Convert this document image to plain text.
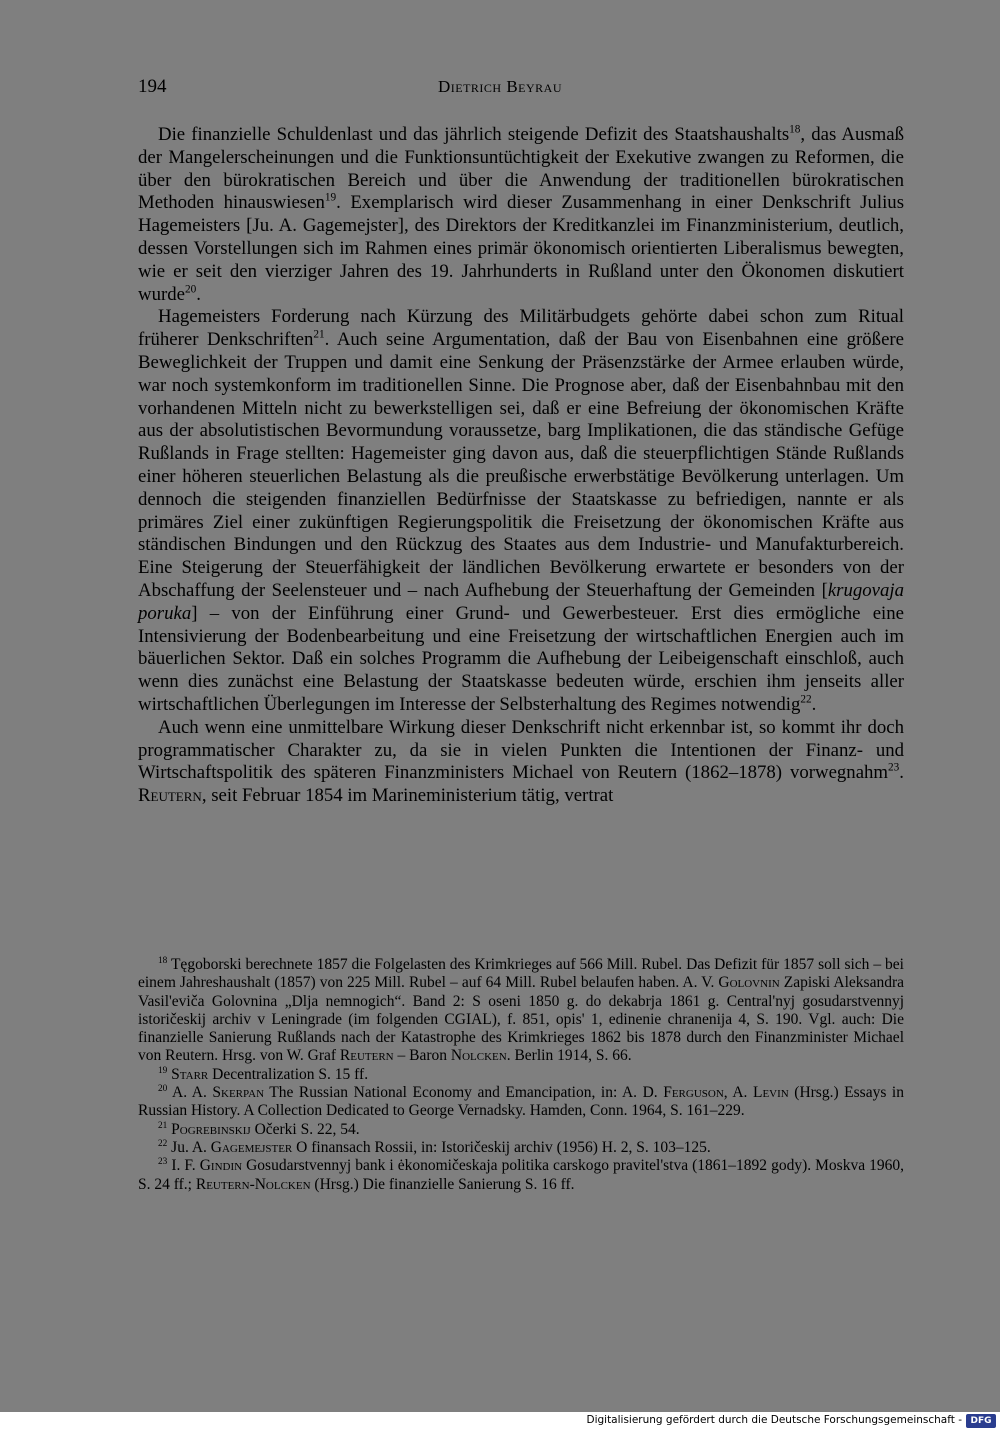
194	Dietrich Beyrau

Die finanzielle Schuldenlast und das jährlich steigende Defizit des Staatshaushalts$^{18}$, das Ausmaß der Mangelerscheinungen und die Funktionsuntüchtigkeit der Exekutive zwangen zu Reformen, die über den bürokratischen Bereich und über die Anwendung der traditionellen bürokratischen Methoden hinauswiesen$^{19}$. Exemplarisch wird dieser Zusammenhang in einer Denkschrift Julius Hagemeisters [Ju. A. Gagemejster], des Direktors der Kreditkanzlei im Finanzministerium, deutlich, dessen Vorstellungen sich im Rahmen eines primär ökonomisch orientierten Liberalismus bewegten, wie er seit den vierziger Jahren des 19. Jahrhunderts in Rußland unter den Ökonomen diskutiert wurde$^{20}$.

Hagemeisters Forderung nach Kürzung des Militärbudgets gehörte dabei schon zum Ritual früherer Denkschriften$^{21}$. Auch seine Argumentation, daß der Bau von Eisenbahnen eine größere Beweglichkeit der Truppen und damit eine Senkung der Präsenzstärke der Armee erlauben würde, war noch systemkonform im traditionellen Sinne. Die Prognose aber, daß der Eisenbahnbau mit den vorhandenen Mitteln nicht zu bewerkstelligen sei, daß er eine Befreiung der ökonomischen Kräfte aus der absolutistischen Bevormundung voraussetze, barg Implikationen, die das ständische Gefüge Rußlands in Frage stellten: Hagemeister ging davon aus, daß die steuerpflichtigen Stände Rußlands einer höheren steuerlichen Belastung als die preußische erwerbstätige Bevölkerung unterlagen. Um dennoch die steigenden finanziellen Bedürfnisse der Staatskasse zu befriedigen, nannte er als primäres Ziel einer zukünftigen Regierungspolitik die Freisetzung der ökonomischen Kräfte aus ständischen Bindungen und den Rückzug des Staates aus dem Industrie- und Manufakturbereich. Eine Steigerung der Steuerfähigkeit der ländlichen Bevölkerung erwartete er besonders von der Abschaffung der Seelensteuer und – nach Aufhebung der Steuerhaftung der Gemeinden [krugovaja poruka] – von der Einführung einer Grund- und Gewerbesteuer. Erst dies ermögliche eine Intensivierung der Bodenbearbeitung und eine Freisetzung der wirtschaftlichen Energien auch im bäuerlichen Sektor. Daß ein solches Programm die Aufhebung der Leibeigenschaft einschloß, auch wenn dies zunächst eine Belastung der Staatskasse bedeuten würde, erschien ihm jenseits aller wirtschaftlichen Überlegungen im Interesse der Selbsterhaltung des Regimes notwendig$^{22}$.

Auch wenn eine unmittelbare Wirkung dieser Denkschrift nicht erkennbar ist, so kommt ihr doch programmatischer Charakter zu, da sie in vielen Punkten die Intentionen der Finanz- und Wirtschaftspolitik des späteren Finanzministers Michael von Reutern (1862–1878) vorwegnahm$^{23}$. Reutern, seit Februar 1854 im Marineministerium tätig, vertrat

$^{18}$ Tęgoborski berechnete 1857 die Folgelasten des Krimkrieges auf 566 Mill. Rubel. Das Defizit für 1857 soll sich – bei einem Jahreshaushalt (1857) von 225 Mill. Rubel – auf 64 Mill. Rubel belaufen haben. A. V. Golovnin Zapiski Aleksandra Vasil'eviča Golovnina „Dlja nemnogich“. Band 2: S oseni 1850 g. do dekabrja 1861 g. Central'nyj gosudarstvennyj istoričeskij archiv v Leningrade (im folgenden CGIAL), f. 851, opis' 1, edinenie chranenija 4, S. 190. Vgl. auch: Die finanzielle Sanierung Rußlands nach der Katastrophe des Krimkrieges 1862 bis 1878 durch den Finanzminister Michael von Reutern. Hrsg. von W. Graf Reutern – Baron Nolcken. Berlin 1914, S. 66.

$^{19}$ Starr Decentralization S. 15 ff.

$^{20}$ A. A. Skerpan The Russian National Economy and Emancipation, in: A. D. Ferguson, A. Levin (Hrsg.) Essays in Russian History. A Collection Dedicated to George Vernadsky. Hamden, Conn. 1964, S. 161–229.

$^{21}$ Pogrebinskij Očerki S. 22, 54.

$^{22}$ Ju. A. Gagemejster O finansach Rossii, in: Istoričeskij archiv (1956) H. 2, S. 103–125.

$^{23}$ I. F. Gindin Gosudarstvennyj bank i ėkonomičeskaja politika carskogo pravitel'stva (1861–1892 gody). Moskva 1960, S. 24 ff.; Reutern-Nolcken (Hrsg.) Die finanzielle Sanierung S. 16 ff.

Digitalisierung gefördert durch die Deutsche Forschungsgemeinschaft - DFG
